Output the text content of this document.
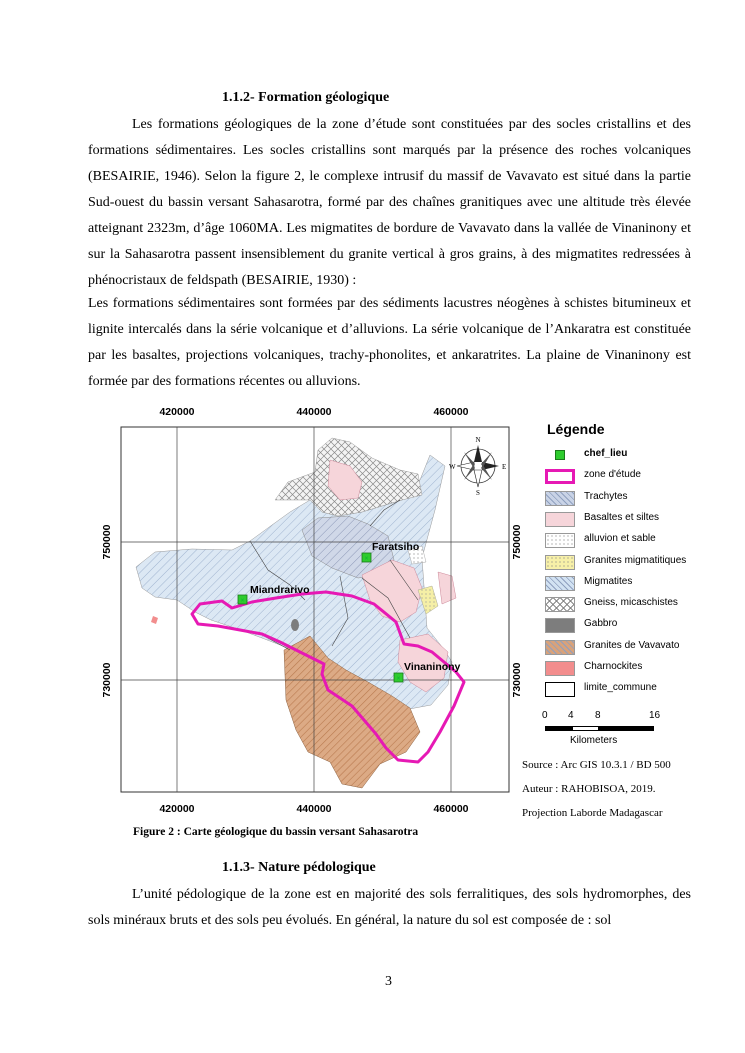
1.1.2- Formation géologique

Les formations géologiques de la zone d’étude sont constituées par des socles cristallins et des formations sédimentaires. Les socles cristallins sont marqués par la présence des roches volcaniques (BESAIRIE, 1946). Selon la figure 2, le complexe intrusif du massif de Vavavato est situé dans la partie Sud-ouest du bassin versant Sahasarotra, formé par des chaînes granitiques avec une altitude très élevée atteignant 2323m, d’âge 1060MA. Les migmatites de bordure de Vavavato dans la vallée de Vinaninony et sur la Sahasarotra passent insensiblement du granite vertical à gros grains, à des migmatites redressées à phénocristaux de feldspath (BESAIRIE, 1930) :

Les formations sédimentaires sont formées par des sédiments lacustres néogènes à schistes bitumineux et lignite intercalés dans la série volcanique et d’alluvions. La série volcanique de l’Ankaratra est constituée par les basaltes, projections volcaniques, trachy-phonolites, et ankaratrites. La plaine de Vinaninony est formée par des formations récentes ou alluvions.

420000	440000	460000
420000	440000	460000
750000
730000
750000
730000
×
×
×
Faratsiho
Miandrarivo
Vinaninony
N
S
E
W
Légende
chef_lieu
zone d'étude
Trachytes
Basaltes et siltes
alluvion et sable
Granites migmatitiques
Migmatites
Gneiss, micaschistes
Gabbro
Granites de Vavavato
Charnockites
limite_commune
0 4 8	16
Kilometers
Source : Arc GIS 10.3.1 / BD 500
Auteur : RAHOBISOA, 2019.
Projection Laborde Madagascar
Figure 2 : Carte géologique du bassin versant Sahasarotra
1.1.3- Nature pédologique

L’unité pédologique de la zone est en majorité des sols ferralitiques, des sols hydromorphes, des sols minéraux bruts et des sols peu évolués. En général, la nature du sol est composée de : sol

3
